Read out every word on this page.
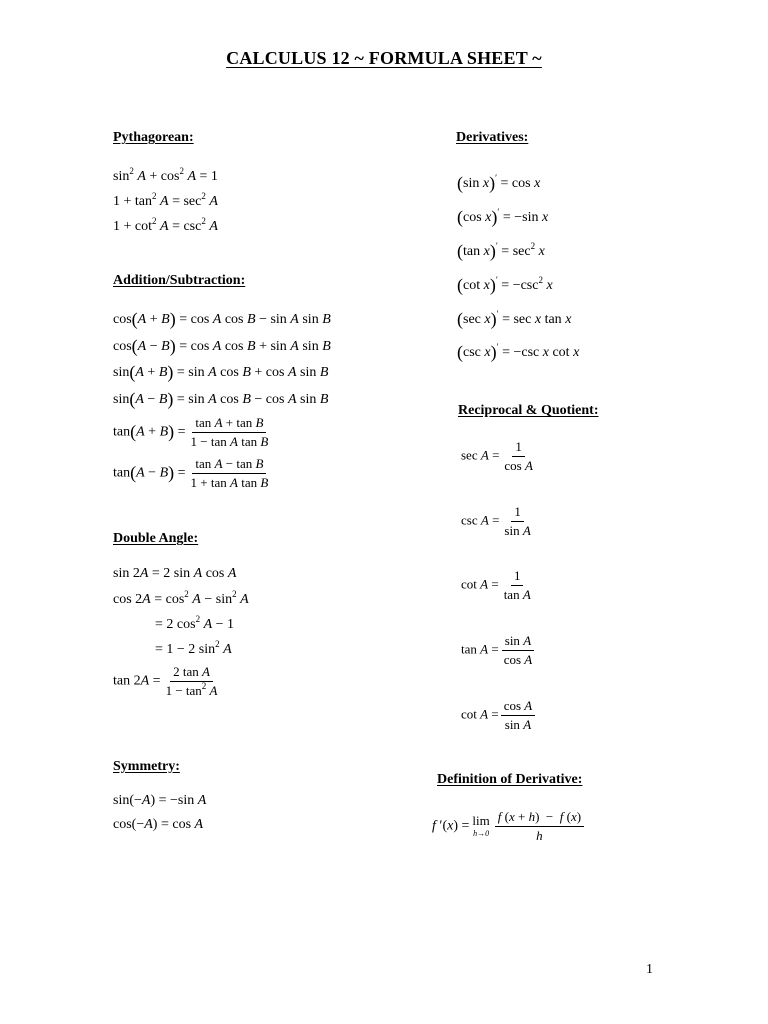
CALCULUS 12 ~ FORMULA SHEET ~
Pythagorean:
$\sin^2 A + \cos^2 A = 1$
$1 + \tan^2 A = \sec^2 A$
$1 + \cot^2 A = \csc^2 A$
Addition/Subtraction:
cos(A + B) = cos A cos B − sin A sin B
cos(A − B) = cos A cos B + sin A sin B
sin(A + B) = sin A cos B + cos A sin B
sin(A − B) = sin A cos B − cos A sin B
$\tan(A + B) = \frac{\text{tan A + tan B}}{\text{1 − tan A tan B}}$
$\tan(A - B) = \frac{\text{tan A − tan B}}{\text{1 + tan A tan B}}$
Double Angle:
sin 2A = 2 sin A cos A
$\cos 2A = \cos^2 A - \sin^2 A$
= 2 $\cos^2 A - 1$
= 1 − 2 $\sin^2 A$
$\tan 2A = \frac{\text{2 tan A}}{1 - \tan^2 A}$
Symmetry:
sin(−A) = −sin A
cos(−A) = cos A
Derivatives:
(sin x)′ = cos x
(cos x)′ = −sin x
(tan $x)' = \sec^2 x$
(cot $x)' = -\csc^2$ x
(sec x)′ = sec x tan x
(csc x)′ = −csc x cot x
Reciprocal & Quotient:
$\sec A = \frac{1}{\text{cos A}}$
$\csc A = \frac{1}{\text{sin A}}$
$\cot A = \frac{1}{\text{tan A}}$
$\tan A = \frac{\text{sin A}}{\text{cos A}}$
$\cot A = \frac{\text{cos A}}{\text{sin A}}$
Definition of Derivative:
f ′(x) = lim
$h\to 0 \frac{f (x + h) - f (x)}{h}$
1
